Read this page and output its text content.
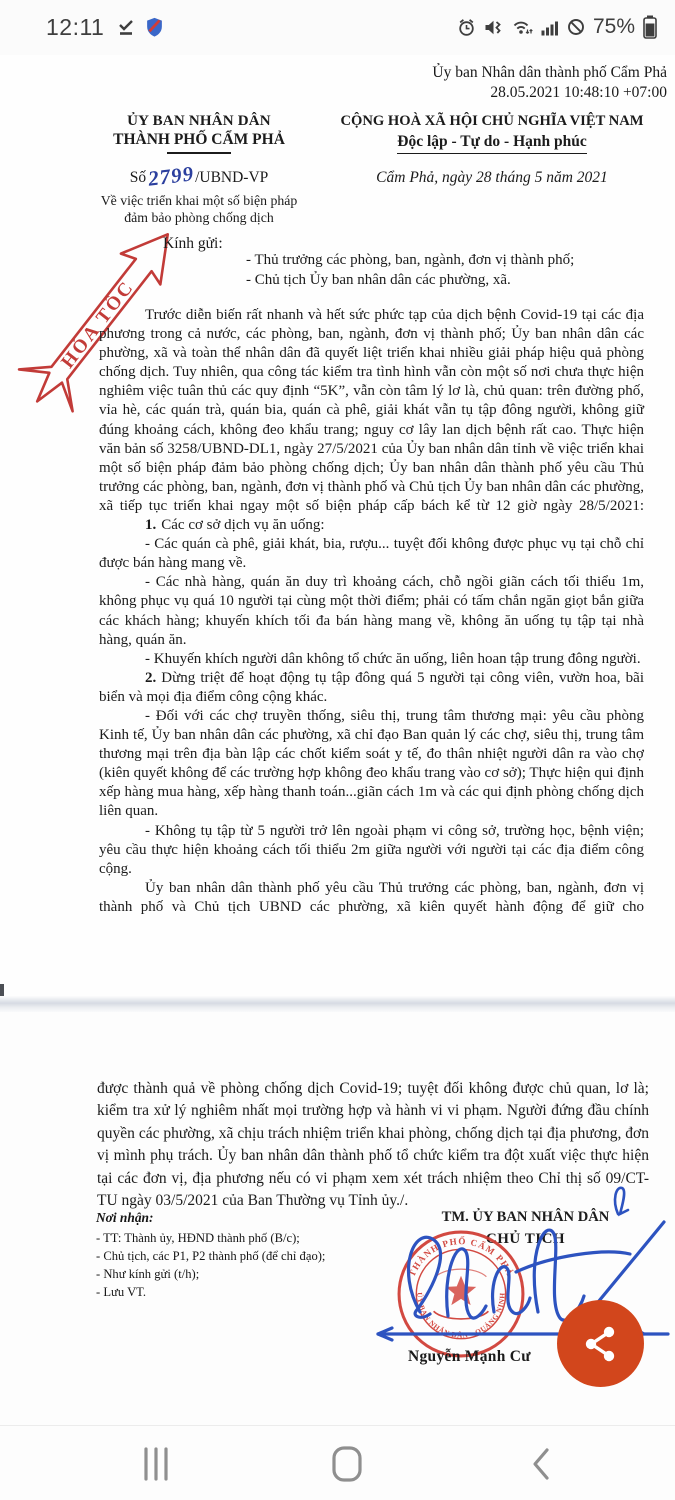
Ủy ban Nhân dân thành phố Cẩm Phả
28.05.2021 10:48:10 +07:00
ỦY BAN NHÂN DÂN
THÀNH PHỐ CẨM PHẢ
Số2799/UBND-VP
Về việc triển khai một số biện pháp đảm bảo phòng chống dịch
CỘNG HOÀ XÃ HỘI CHỦ NGHĨA VIỆT NAM
Độc lập - Tự do - Hạnh phúc
Cẩm Phả, ngày 28 tháng 5 năm 2021
HỎA TỐC
Kính gửi:
- Thủ trưởng các phòng, ban, ngành, đơn vị thành phố;
- Chủ tịch Ủy ban nhân dân các phường, xã.

Trước diễn biến rất nhanh và hết sức phức tạp của dịch bệnh Covid-19 tại các địa phương trong cả nước, các phòng, ban, ngành, đơn vị thành phố; Ủy ban nhân dân các phường, xã và toàn thể nhân dân đã quyết liệt triển khai nhiều giải pháp hiệu quả phòng chống dịch. Tuy nhiên, qua công tác kiểm tra tình hình vẫn còn một số nơi chưa thực hiện nghiêm việc tuân thủ các quy định “5K”, vẫn còn tâm lý lơ là, chủ quan: trên đường phố, vỉa hè, các quán trà, quán bia, quán cà phê, giải khát vẫn tụ tập đông người, không giữ đúng khoảng cách, không đeo khẩu trang; nguy cơ lây lan dịch bệnh rất cao. Thực hiện văn bản số 3258/UBND-DL1, ngày 27/5/2021 của Ủy ban nhân dân tỉnh về việc triển khai một số biện pháp đảm bảo phòng chống dịch; Ủy ban nhân dân thành phố yêu cầu Thủ trưởng các phòng, ban, ngành, đơn vị thành phố và Chủ tịch Ủy ban nhân dân các phường, xã tiếp tục triển khai ngay một số biện pháp cấp bách kể từ 12 giờ ngày 28/5/2021:

1. Các cơ sở dịch vụ ăn uống:

- Các quán cà phê, giải khát, bia, rượu... tuyệt đối không được phục vụ tại chỗ chỉ được bán hàng mang về.

- Các nhà hàng, quán ăn duy trì khoảng cách, chỗ ngồi giãn cách tối thiểu 1m, không phục vụ quá 10 người tại cùng một thời điểm; phải có tấm chắn ngăn giọt bắn giữa các khách hàng; khuyến khích tối đa bán hàng mang về, không ăn uống tụ tập tại nhà hàng, quán ăn.

- Khuyến khích người dân không tổ chức ăn uống, liên hoan tập trung đông người.

2. Dừng triệt để hoạt động tụ tập đông quá 5 người tại công viên, vườn hoa, bãi biển và mọi địa điểm công cộng khác.

- Đối với các chợ truyền thống, siêu thị, trung tâm thương mại: yêu cầu phòng Kinh tế, Ủy ban nhân dân các phường, xã chỉ đạo Ban quản lý các chợ, siêu thị, trung tâm thương mại trên địa bàn lập các chốt kiểm soát y tế, đo thân nhiệt người dân ra vào chợ (kiên quyết không để các trường hợp không đeo khẩu trang vào cơ sở); Thực hiện qui định xếp hàng mua hàng, xếp hàng thanh toán...giãn cách 1m và các qui định phòng chống dịch liên quan.

- Không tụ tập từ 5 người trở lên ngoài phạm vi công sở, trường học, bệnh viện; yêu cầu thực hiện khoảng cách tối thiểu 2m giữa người với người tại các địa điểm công cộng.

Ủy ban nhân dân thành phố yêu cầu Thủ trưởng các phòng, ban, ngành, đơn vị thành phố và Chủ tịch UBND các phường, xã kiên quyết hành động để giữ cho

được thành quả về phòng chống dịch Covid-19; tuyệt đối không được chủ quan, lơ là; kiểm tra xử lý nghiêm nhất mọi trường hợp và hành vi vi phạm. Người đứng đầu chính quyền các phường, xã chịu trách nhiệm triển khai phòng, chống dịch tại địa phương, đơn vị mình phụ trách. Ủy ban nhân dân thành phố tổ chức kiểm tra đột xuất việc thực hiện tại các đơn vị, địa phương nếu có vi phạm xem xét trách nhiệm theo Chỉ thị số 09/CT-TU ngày 03/5/2021 của Ban Thường vụ Tỉnh ủy./.
Nơi nhận:
- TT: Thành ủy, HĐND thành phố (B/c);
- Chủ tịch, các P1, P2 thành phố (để chỉ đạo);
- Như kính gửi (t/h);
- Lưu VT.
TM. ỦY BAN NHÂN DÂN
CHỦ TỊCH
THÀNH PHỐ CẨM PHẢ
ỦY BAN NHÂN DÂN • QUẢNG NINH
Nguyễn Mạnh Cư
12:11	75%
